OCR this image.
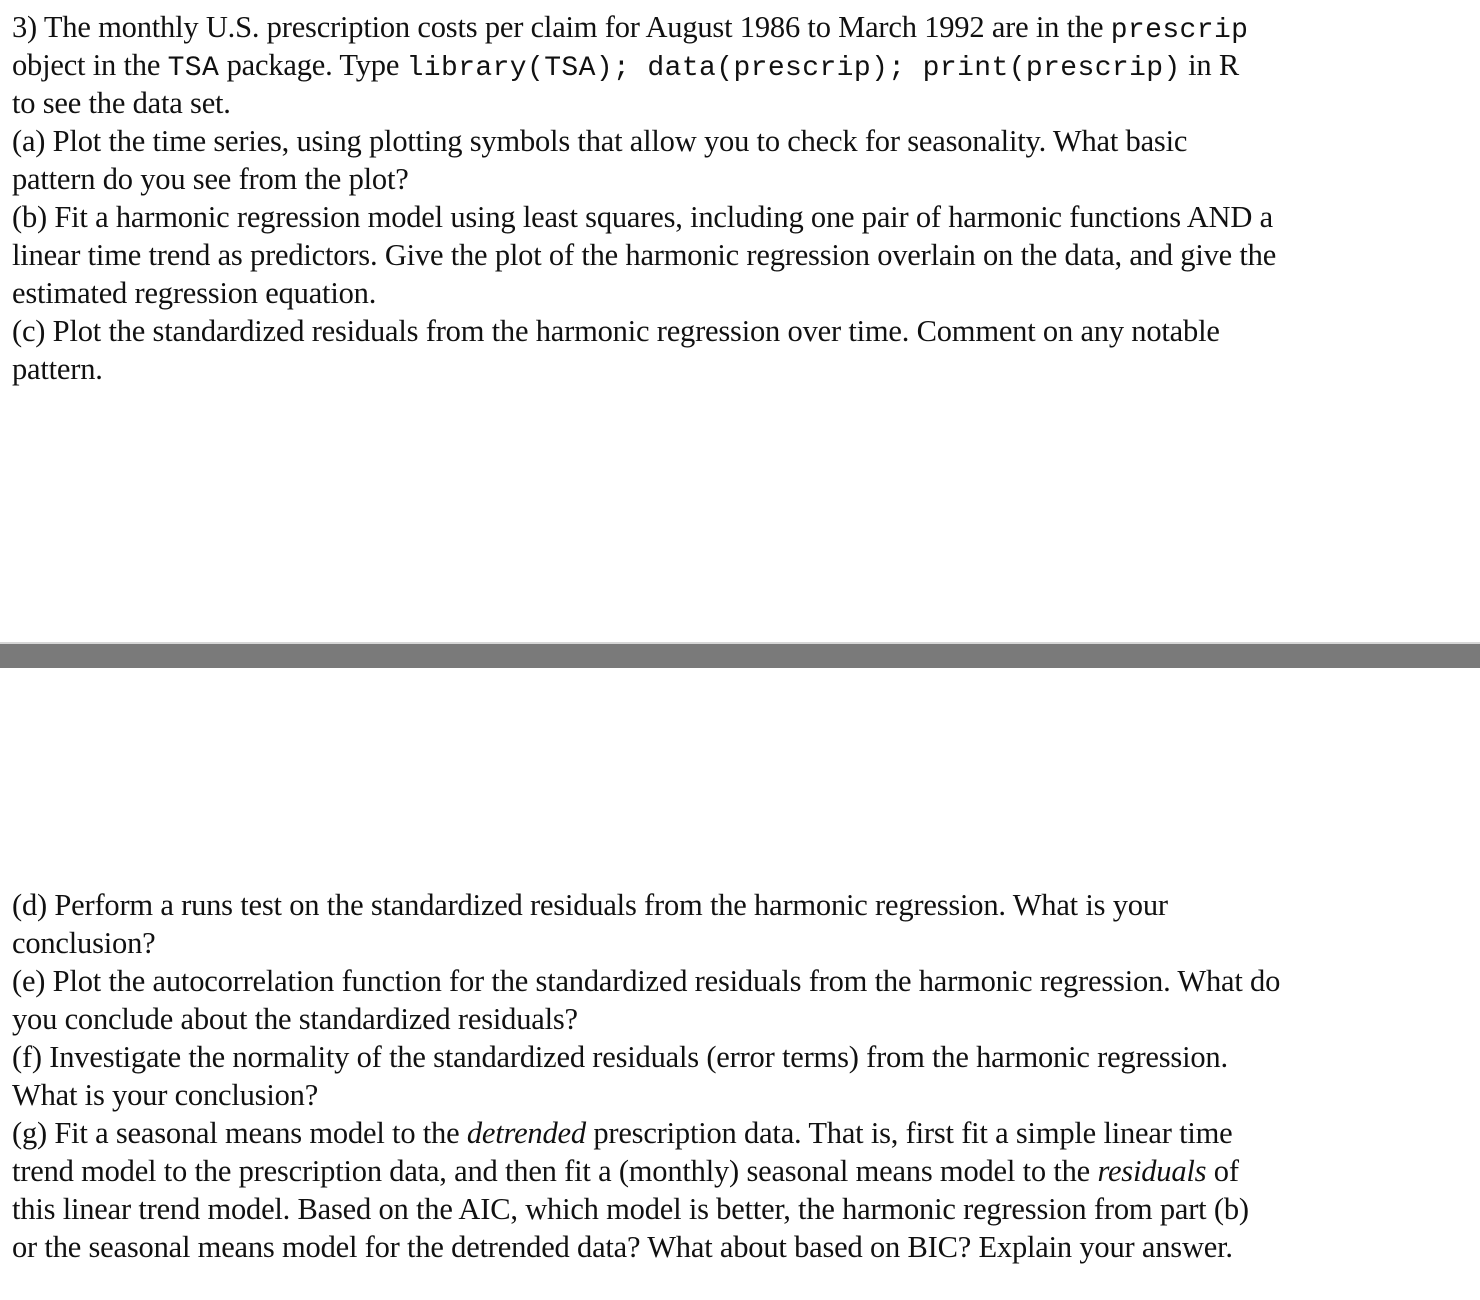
3) The monthly U.S. prescription costs per claim for August 1986 to March 1992 are in the prescrip
object in the TSA package. Type library(TSA); data(prescrip); print(prescrip) in R
to see the data set.
(a) Plot the time series, using plotting symbols that allow you to check for seasonality. What basic
pattern do you see from the plot?
(b) Fit a harmonic regression model using least squares, including one pair of harmonic functions AND a
linear time trend as predictors. Give the plot of the harmonic regression overlain on the data, and give the
estimated regression equation.
(c) Plot the standardized residuals from the harmonic regression over time. Comment on any notable
pattern.
(d) Perform a runs test on the standardized residuals from the harmonic regression. What is your
conclusion?
(e) Plot the autocorrelation function for the standardized residuals from the harmonic regression. What do
you conclude about the standardized residuals?
(f) Investigate the normality of the standardized residuals (error terms) from the harmonic regression.
What is your conclusion?
(g) Fit a seasonal means model to the detrended prescription data. That is, first fit a simple linear time
trend model to the prescription data, and then fit a (monthly) seasonal means model to the residuals of
this linear trend model. Based on the AIC, which model is better, the harmonic regression from part (b)
or the seasonal means model for the detrended data? What about based on BIC? Explain your answer.
